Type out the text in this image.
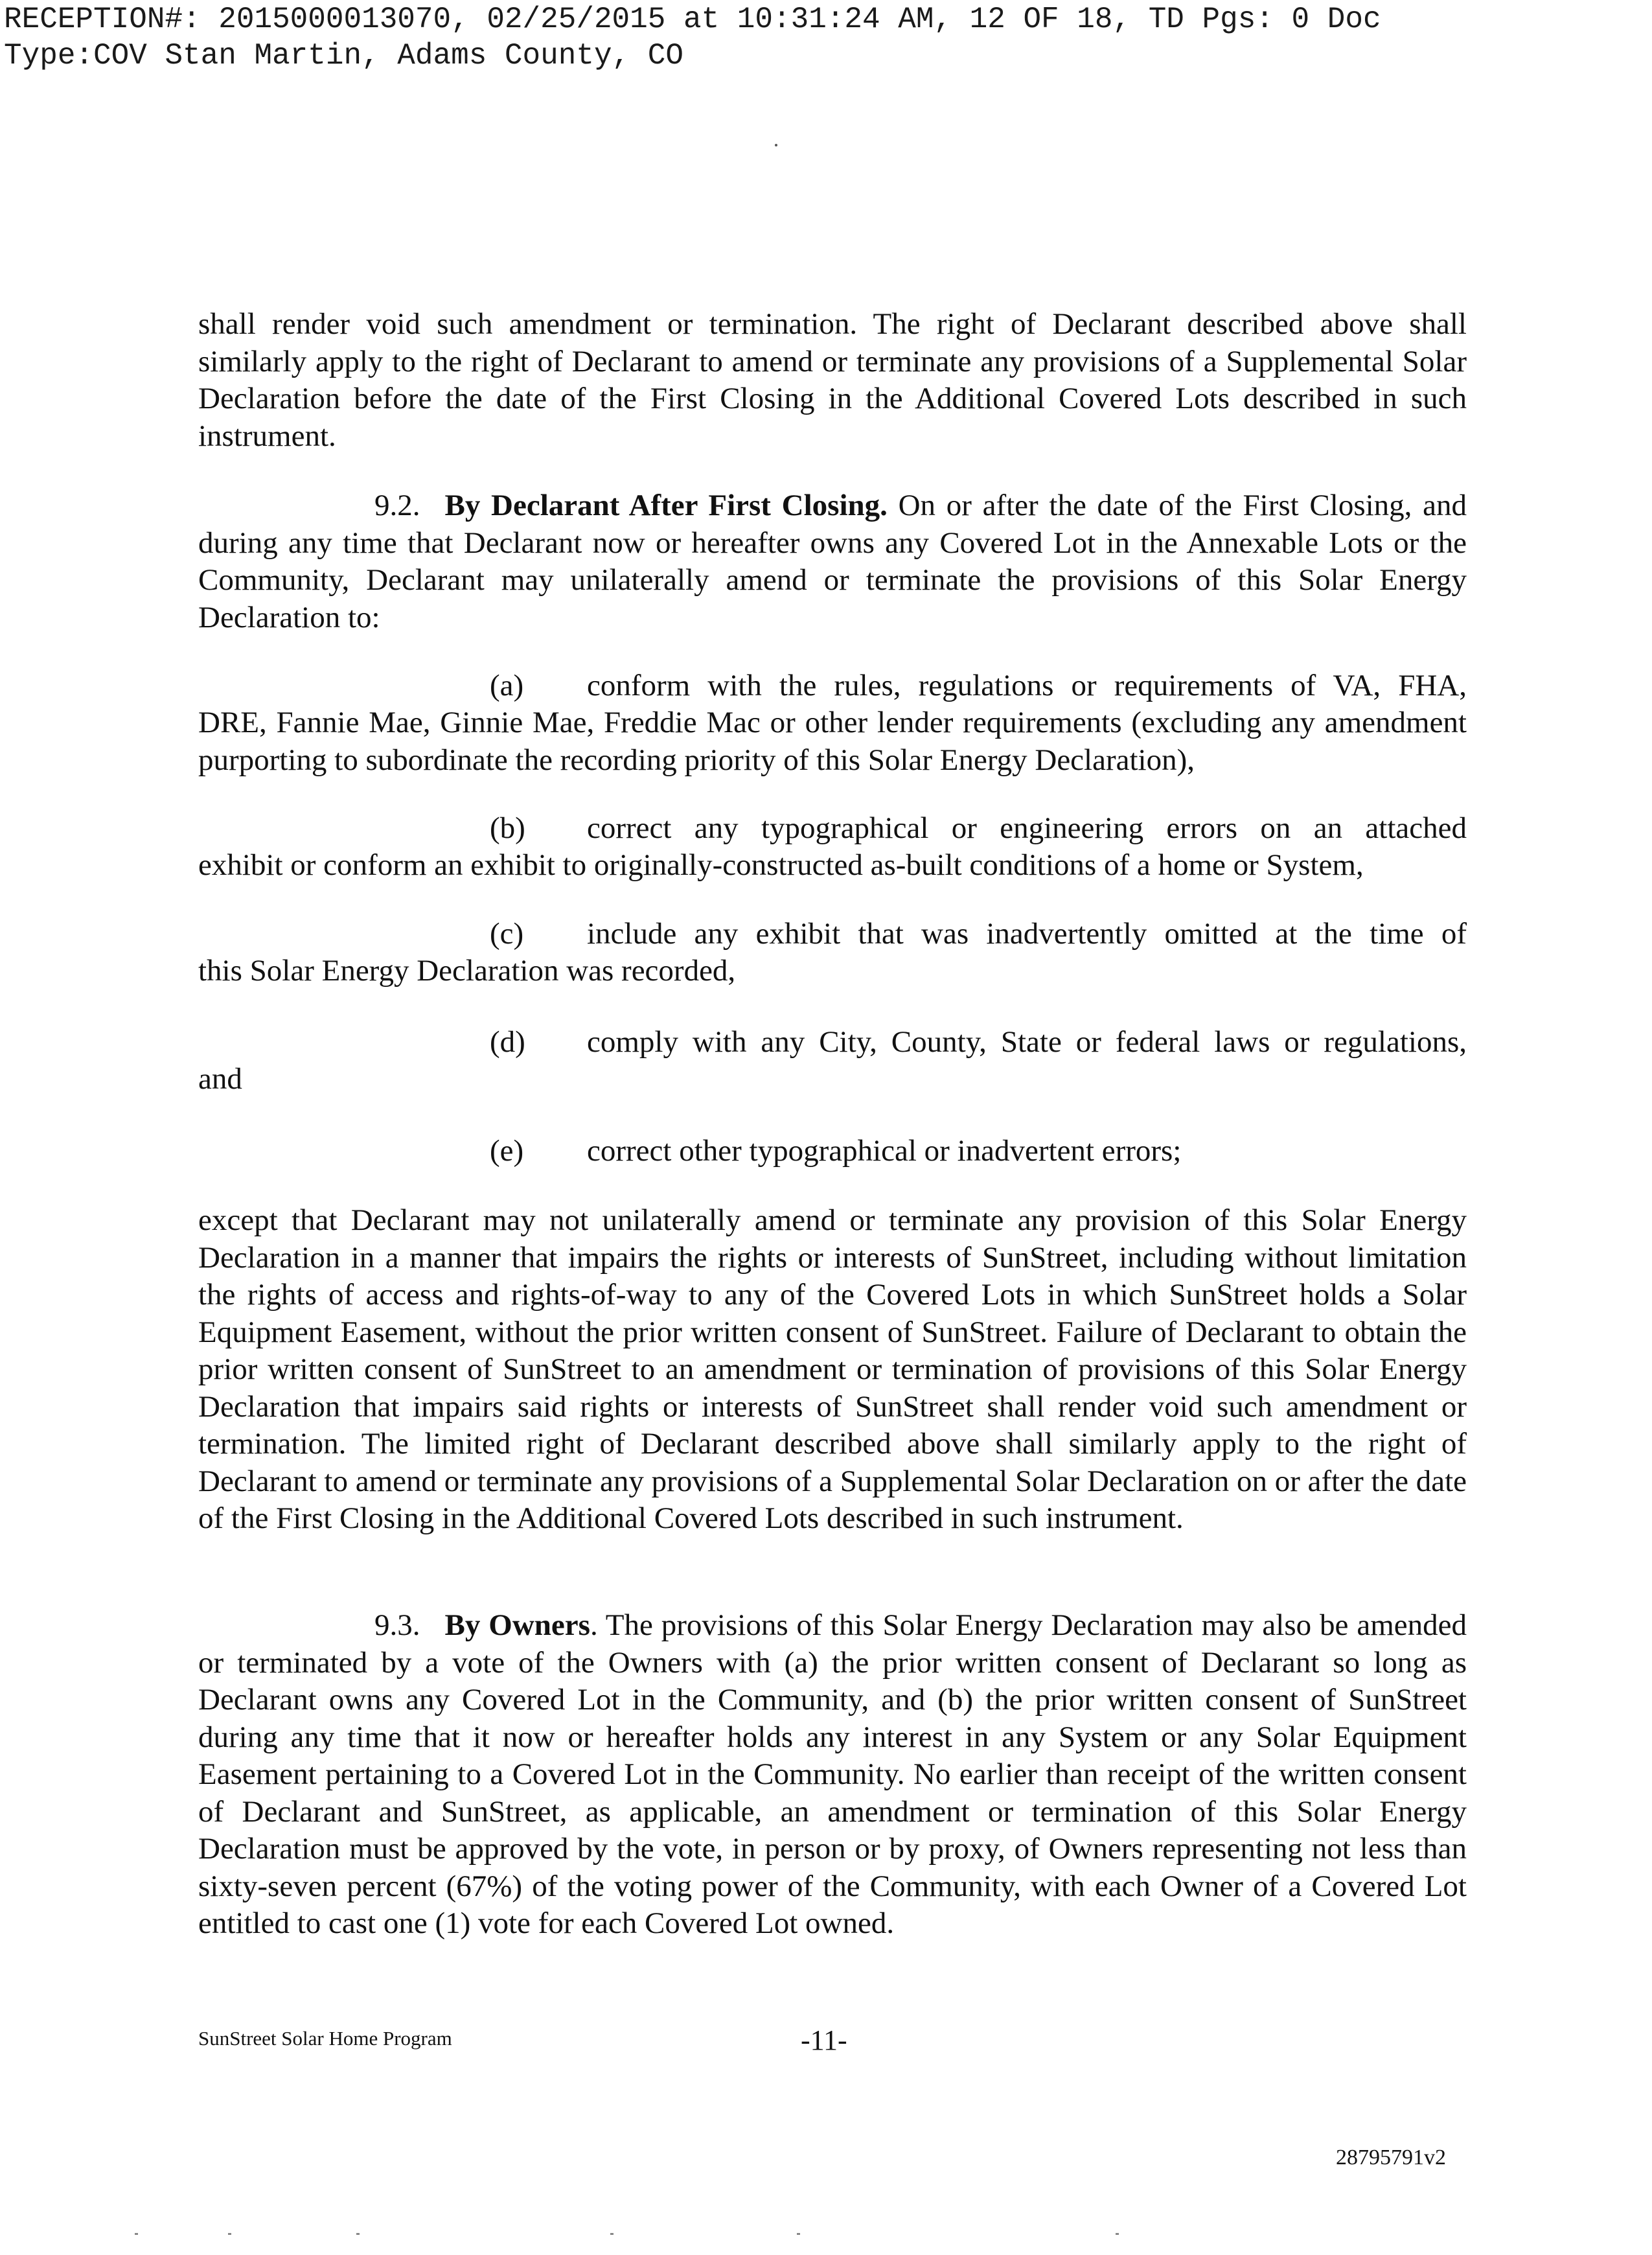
RECEPTION#: 2015000013070, 02/25/2015 at 10:31:24 AM, 12 OF 18, TD Pgs: 0 Doc
Type:COV Stan Martin, Adams County, CO

shall render void such amendment or termination. The right of Declarant described above shall similarly apply to the right of Declarant to amend or terminate any provisions of a Supplemental Solar Declaration before the date of the First Closing in the Additional Covered Lots described in such instrument.

9.2. By Declarant After First Closing. On or after the date of the First Closing, and during any time that Declarant now or hereafter owns any Covered Lot in the Annexable Lots or the Community, Declarant may unilaterally amend or terminate the provisions of this Solar Energy Declaration to:

(a) conform with the rules, regulations or requirements of VA, FHA,

DRE, Fannie Mae, Ginnie Mae, Freddie Mac or other lender requirements (excluding any amendment purporting to subordinate the recording priority of this Solar Energy Declaration),

(b) correct any typographical or engineering errors on an attached

exhibit or conform an exhibit to originally-constructed as-built conditions of a home or System,

(c) include any exhibit that was inadvertently omitted at the time of

this Solar Energy Declaration was recorded,

(d) comply with any City, County, State or federal laws or regulations,

and

(e) correct other typographical or inadvertent errors;

except that Declarant may not unilaterally amend or terminate any provision of this Solar Energy Declaration in a manner that impairs the rights or interests of SunStreet, including without limitation the rights of access and rights-of-way to any of the Covered Lots in which SunStreet holds a Solar Equipment Easement, without the prior written consent of SunStreet. Failure of Declarant to obtain the prior written consent of SunStreet to an amendment or termination of provisions of this Solar Energy Declaration that impairs said rights or interests of SunStreet shall render void such amendment or termination. The limited right of Declarant described above shall similarly apply to the right of Declarant to amend or terminate any provisions of a Supplemental Solar Declaration on or after the date of the First Closing in the Additional Covered Lots described in such instrument.

9.3. By Owners. The provisions of this Solar Energy Declaration may also be amended or terminated by a vote of the Owners with (a) the prior written consent of Declarant so long as Declarant owns any Covered Lot in the Community, and (b) the prior written consent of SunStreet during any time that it now or hereafter holds any interest in any System or any Solar Equipment Easement pertaining to a Covered Lot in the Community. No earlier than receipt of the written consent of Declarant and SunStreet, as applicable, an amendment or termination of this Solar Energy Declaration must be approved by the vote, in person or by proxy, of Owners representing not less than sixty-seven percent (67%) of the voting power of the Community, with each Owner of a Covered Lot entitled to cast one (1) vote for each Covered Lot owned.

SunStreet Solar Home Program	-11-
28795791v2
